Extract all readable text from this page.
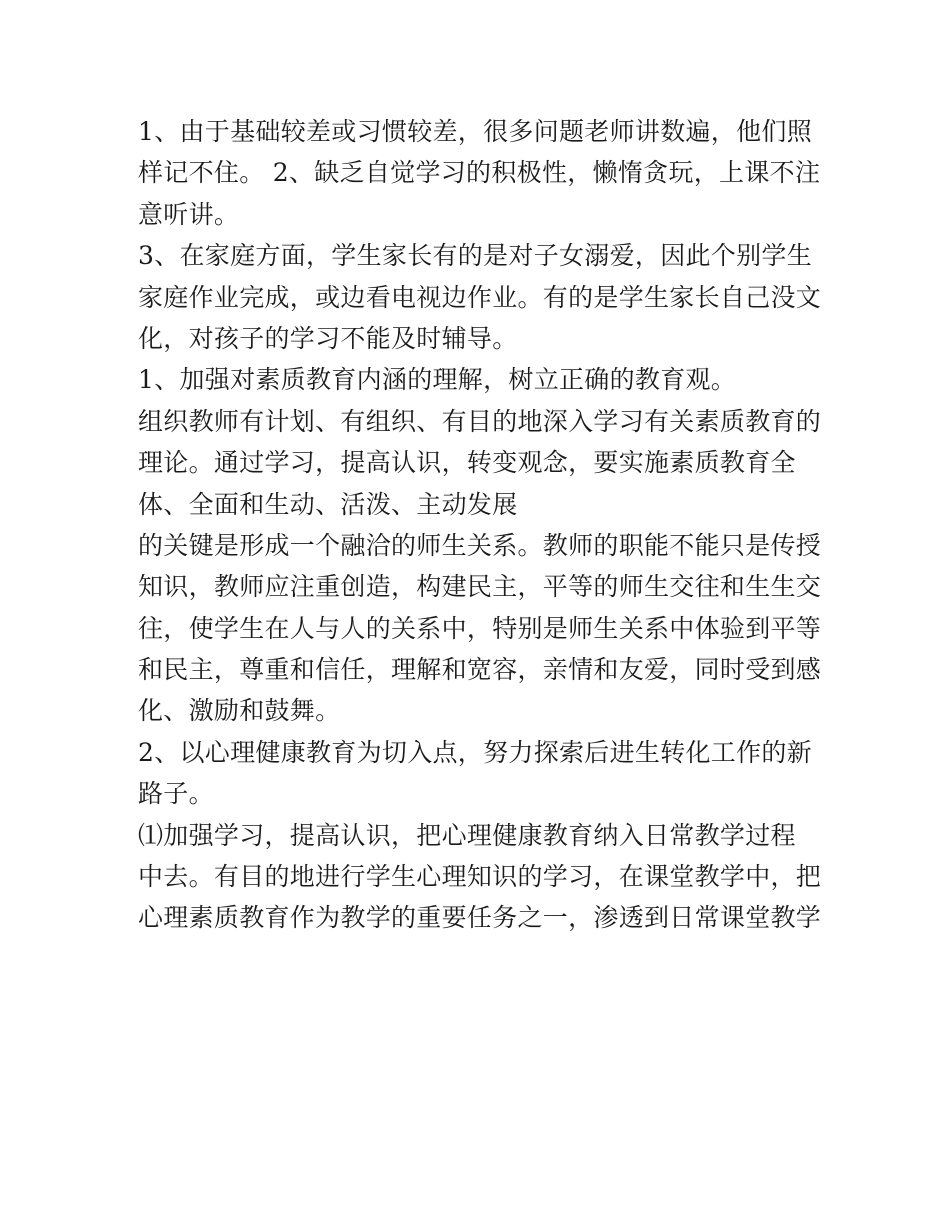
1、由于基础较差或习惯较差，很多问题老师讲数遍，他们照
样记不住。 2、缺乏自觉学习的积极性，懒惰贪玩，上课不注
意听讲。
3、在家庭方面，学生家长有的是对子女溺爱，因此个别学生
家庭作业完成，或边看电视边作业。有的是学生家长自己没文
化，对孩子的学习不能及时辅导。
1、加强对素质教育内涵的理解，树立正确的教育观。
组织教师有计划、有组织、有目的地深入学习有关素质教育的
理论。通过学习，提高认识，转变观念，要实施素质教育全
体、全面和生动、活泼、主动发展
的关键是形成一个融洽的师生关系。教师的职能不能只是传授
知识，教师应注重创造，构建民主，平等的师生交往和生生交
往，使学生在人与人的关系中，特别是师生关系中体验到平等
和民主，尊重和信任，理解和宽容，亲情和友爱，同时受到感
化、激励和鼓舞。
2、以心理健康教育为切入点，努力探索后进生转化工作的新
路子。
⑴加强学习，提高认识，把心理健康教育纳入日常教学过程
中去。有目的地进行学生心理知识的学习，在课堂教学中，把
心理素质教育作为教学的重要任务之一，渗透到日常课堂教学
